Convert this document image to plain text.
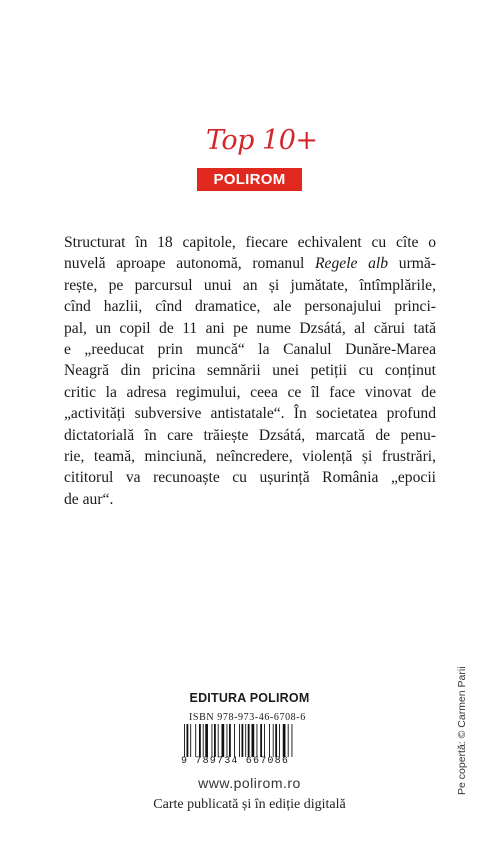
Top 10+
POLIROM
Structurat în 18 capitole, fiecare echivalent cu cîte o
nuvelă aproape autonomă, romanul Regele alb urmă-
rește, pe parcursul unui an și jumătate, întîmplările,
cînd hazlii, cînd dramatice, ale personajului princi-
pal, un copil de 11 ani pe nume Dzsátá, al cărui tată
e „reeducat prin muncă“ la Canalul Dunăre-Marea
Neagră din pricina semnării unei petiții cu conținut
critic la adresa regimului, ceea ce îl face vinovat de
„activități subversive antistatale“. În societatea profund
dictatorială în care trăiește Dzsátá, marcată de penu-
rie, teamă, minciună, neîncredere, violență și frustrări,
cititorul va recunoaște cu ușurință România „epocii
de aur“.
EDITURA POLIROM
ISBN 978-973-46-6708-6
9 789734 667086
www.polirom.ro
Carte publicată și în ediție digitală
Pe copertă: © Carmen Parii
